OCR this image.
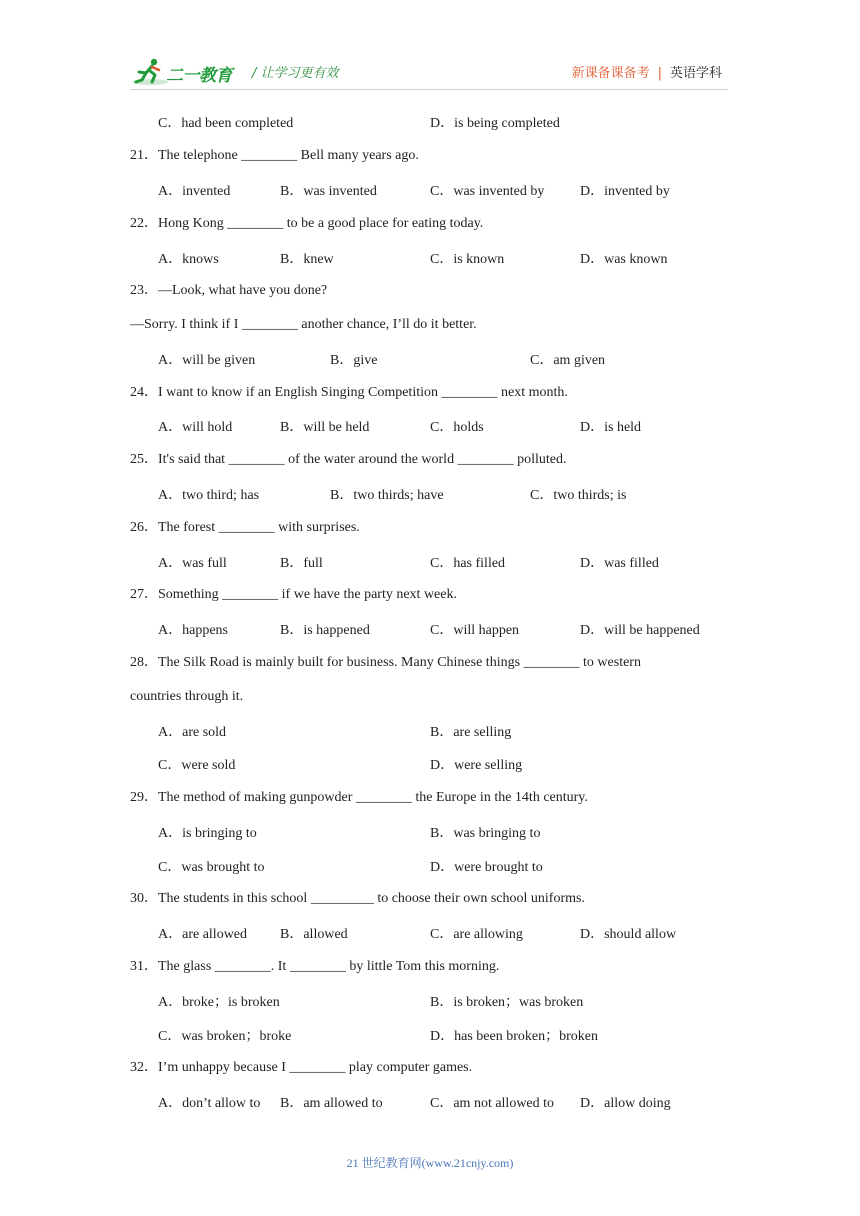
二一教育 / 让学习更有效	新课备课备考 | 英语学科
C．had been completed	D．is being completed
21．The telephone ________ Bell many years ago.
A．invented	B．was invented	C．was invented by	D．invented by
22．Hong Kong ________ to be a good place for eating today.
A．knows	B．knew	C．is known	D．was known
23．—Look, what have you done?
—Sorry. I think if I ________ another chance, I’ll do it better.
A．will be given	B．give	C．am given
24．I want to know if an English Singing Competition ________ next month.
A．will hold	B．will be held	C．holds	D．is held
25．It's said that ________ of the water around the world ________ polluted.
A．two third; has	B．two thirds; have	C．two thirds; is
26．The forest ________ with surprises.
A．was full	B．full	C．has filled	D．was filled
27．Something ________ if we have the party next week.
A．happens	B．is happened	C．will happen	D．will be happened
28．The Silk Road is mainly built for business. Many Chinese things ________ to western
countries through it.
A．are sold	B．are selling
C．were sold	D．were selling
29．The method of making gunpowder ________ the Europe in the 14th century.
A．is bringing to	B．was bringing to
C．was brought to	D．were brought to
30．The students in this school _________ to choose their own school uniforms.
A．are allowed B．allowed	C．are allowing	D．should allow
31．The glass ________. It ________ by little Tom this morning.
A．broke；is broken	B．is broken；was broken
C．was broken；broke	D．has been broken；broken
32．I’m unhappy because I ________ play computer games.
A．don’t allow to B．am allowed to	C．am not allowed to D．allow doing
21 世纪教育网(www.21cnjy.com)
